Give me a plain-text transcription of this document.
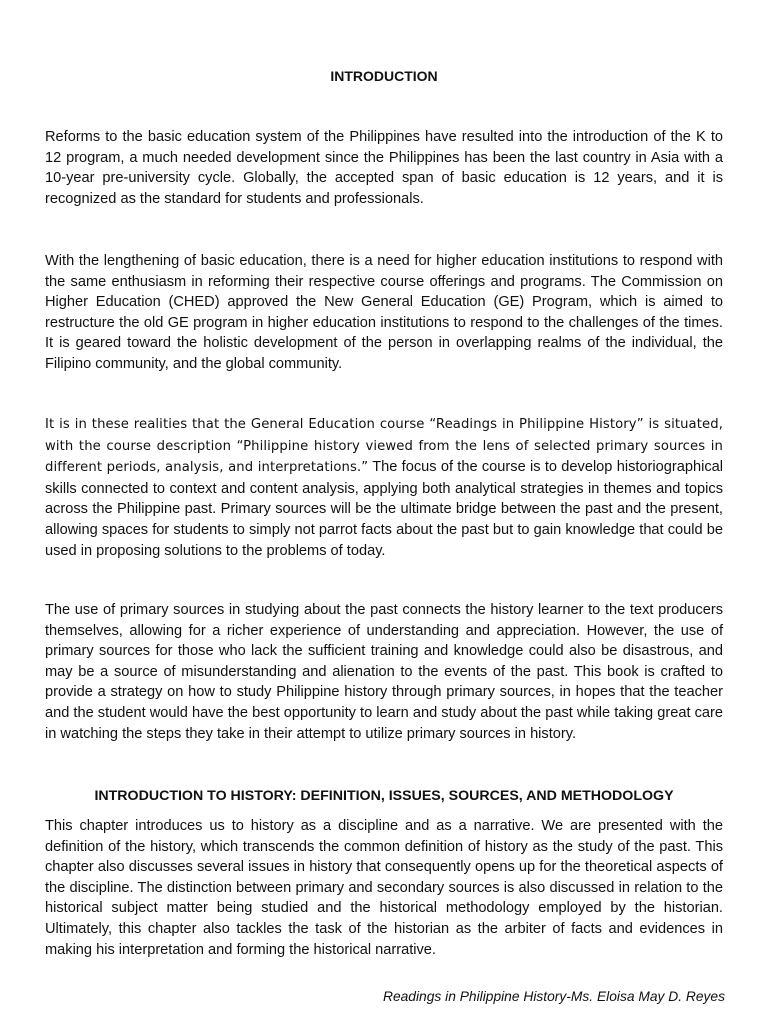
INTRODUCTION

Reforms to the basic education system of the Philippines have resulted into the introduction of the K to 12 program, a much needed development since the Philippines has been the last country in Asia with a 10-year pre-university cycle. Globally, the accepted span of basic education is 12 years, and it is recognized as the standard for students and professionals.

With the lengthening of basic education, there is a need for higher education institutions to respond with the same enthusiasm in reforming their respective course offerings and programs. The Commission on Higher Education (CHED) approved the New General Education (GE) Program, which is aimed to restructure the old GE program in higher education institutions to respond to the challenges of the times. It is geared toward the holistic development of the person in overlapping realms of the individual, the Filipino community, and the global community.

It is in these realities that the General Education course “Readings in Philippine History” is situated, with the course description “Philippine history viewed from the lens of selected primary sources in different periods, analysis, and interpretations.” The focus of the course is to develop historiographical skills connected to context and content analysis, applying both analytical strategies in themes and topics across the Philippine past. Primary sources will be the ultimate bridge between the past and the present, allowing spaces for students to simply not parrot facts about the past but to gain knowledge that could be used in proposing solutions to the problems of today.

The use of primary sources in studying about the past connects the history learner to the text producers themselves, allowing for a richer experience of understanding and appreciation. However, the use of primary sources for those who lack the sufficient training and knowledge could also be disastrous, and may be a source of misunderstanding and alienation to the events of the past. This book is crafted to provide a strategy on how to study Philippine history through primary sources, in hopes that the teacher and the student would have the best opportunity to learn and study about the past while taking great care in watching the steps they take in their attempt to utilize primary sources in history.

INTRODUCTION TO HISTORY: DEFINITION, ISSUES, SOURCES, AND METHODOLOGY

This chapter introduces us to history as a discipline and as a narrative. We are presented with the definition of the history, which transcends the common definition of history as the study of the past. This chapter also discusses several issues in history that consequently opens up for the theoretical aspects of the discipline. The distinction between primary and secondary sources is also discussed in relation to the historical subject matter being studied and the historical methodology employed by the historian. Ultimately, this chapter also tackles the task of the historian as the arbiter of facts and evidences in making his interpretation and forming the historical narrative.

Readings in Philippine History-Ms. Eloisa May D. Reyes
